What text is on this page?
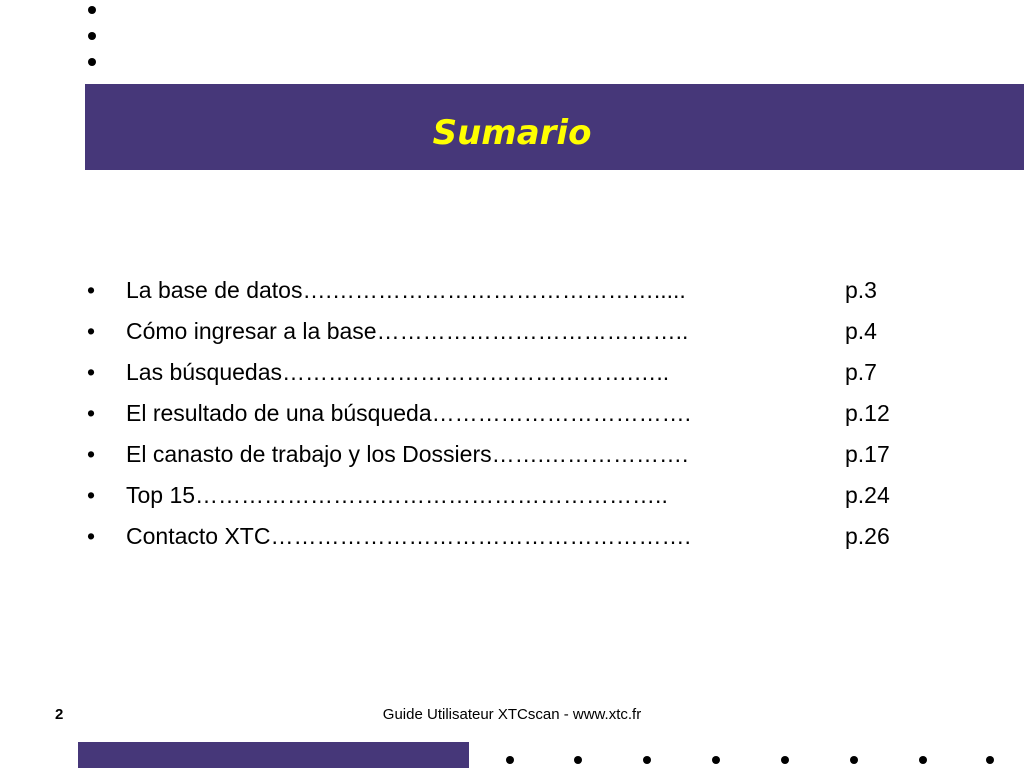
Sumario
• La base de datos….…………………………………….....	p.3
• Cómo ingresar a la base…………………………………..	p.4
• Las búsquedas……………………………………….…..	p.7
• El resultado de una búsqueda…………………………….	p.12
• El canasto de trabajo y los Dossiers…….……………….	p.17
• Top 15……………………………………………………..	p.24
• Contacto XTC……………………………………………….	p.26
2	Guide Utilisateur XTCscan - www.xtc.fr
